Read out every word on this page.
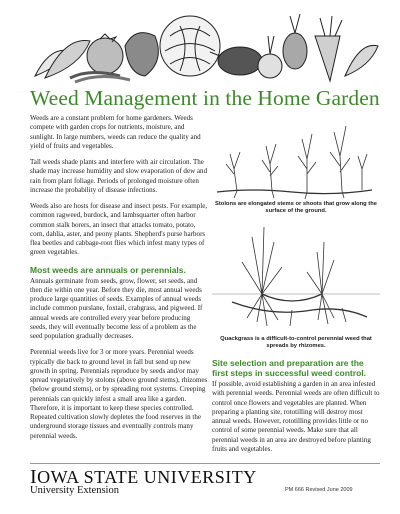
Weed Management in the Home Garden

Weeds are a constant problem for home gardeners. Weeds compete with garden crops for nutrients, moisture, and sunlight. In large numbers, weeds can reduce the quality and yield of fruits and vegetables.

Tall weeds shade plants and interfere with air circulation. The shade may increase humidity and slow evaporation of dew and rain from plant foliage. Periods of prolonged moisture often increase the probability of disease infections.

Weeds also are hosts for disease and insect pests. For example, common ragweed, burdock, and lambsquarter often harbor common stalk borers, an insect that attacks tomato, potato, corn, dahlia, aster, and peony plants. Shepherd's purse harbors flea beetles and cabbage-root flies which infest many types of green vegetables.

Most weeds are annuals or perennials.

Annuals germinate from seeds, grow, flower, set seeds, and then die within one year. Before they die, most annual weeds produce large quantities of seeds. Examples of annual weeds include common purslane, foxtail, crabgrass, and pigweed. If annual weeds are controlled every year before producing seeds, they will eventually become less of a problem as the seed population gradually decreases.

Perennial weeds live for 3 or more years. Perennial weeds typically die back to ground level in fall but send up new growth in spring. Perennials reproduce by seeds and/or may spread vegetatively by stolons (above ground stems), rhizomes (below ground stems), or by spreading root systems. Creeping perennials can quickly infest a small area like a garden. Therefore, it is important to keep these species controlled. Repeated cultivation slowly depletes the food reserves in the underground storage tissues and eventually controls many perennial weeds.

Stolons are elongated stems or shoots that grow along the surface of the ground.
Quackgrass is a difficult-to-control perennial weed that spreads by rhizomes.
Site selection and preparation are the first steps in successful weed control.

If possible, avoid establishing a garden in an area infested with perennial weeds. Perennial weeds are often difficult to control once flowers and vegetables are planted. When preparing a planting site, rototilling will destroy most annual weeds. However, rototilling provides little or no control of some perennial weeds. Make sure that all perennial weeds in an area are destroyed before planting fruits and vegetables.

IOWA STATE UNIVERSITY
University Extension	PM 666 Revised June 2009
